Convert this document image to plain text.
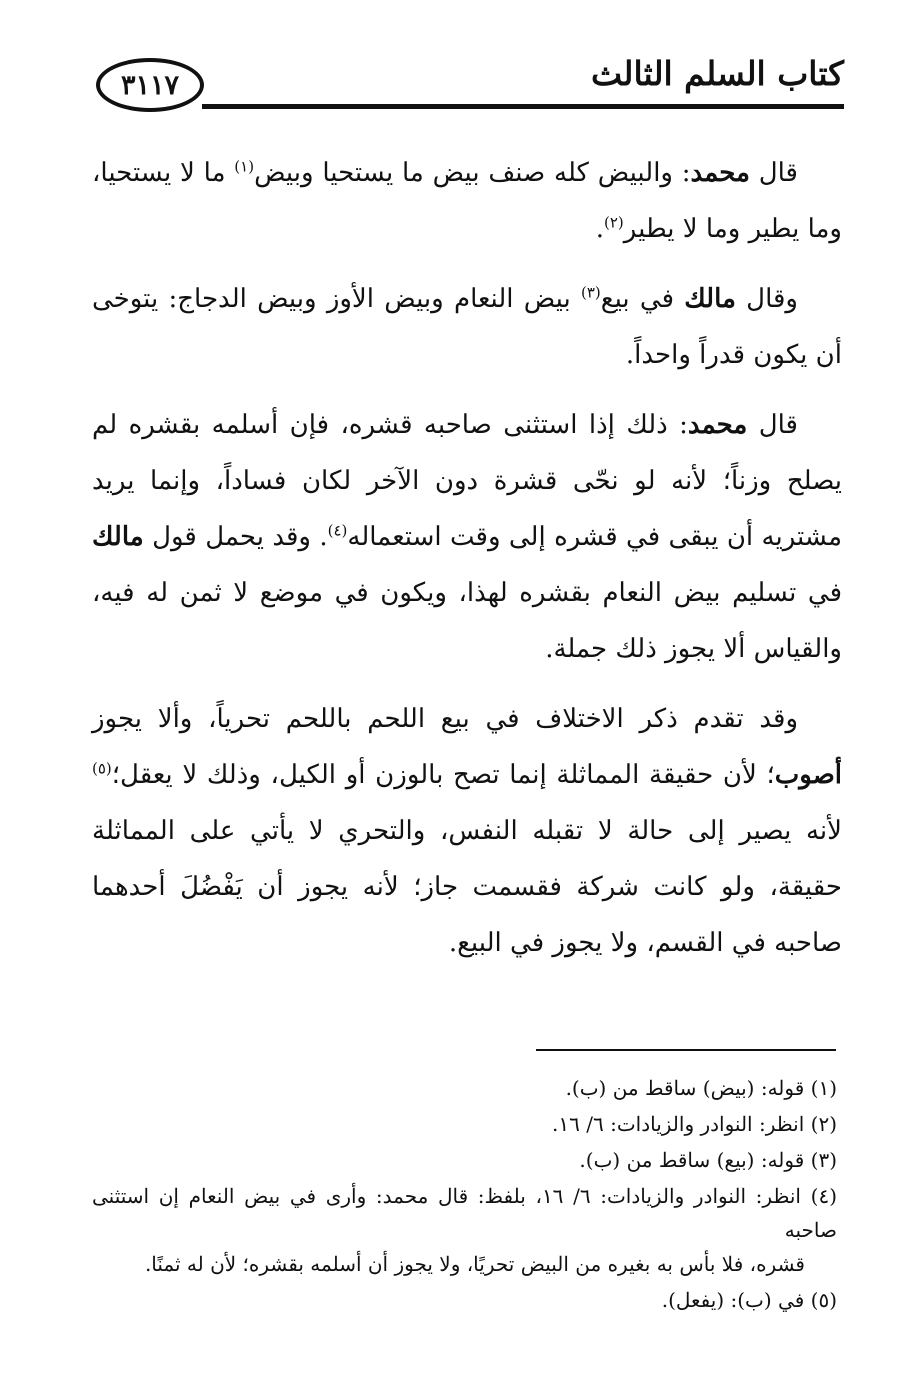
٣١١٧	كتاب السلم الثالث

قال محمد: والبيض كله صنف بيض ما يستحيا وبيض$^{(١)}$ ما لا يستحيا، وما يطير وما لا يطير$^{(٢)}$.

وقال مالك في بيع$^{(٣)}$ بيض النعام وبيض الأوز وبيض الدجاج: يتوخى أن يكون قدراً واحداً.

قال محمد: ذلك إذا استثنى صاحبه قشره، فإن أسلمه بقشره لم يصلح وزناً؛ لأنه لو نحّى قشرة دون الآخر لكان فساداً، وإنما يريد مشتريه أن يبقى في قشره إلى وقت استعماله$^{(٤)}$. وقد يحمل قول مالك في تسليم بيض النعام بقشره لهذا، ويكون في موضع لا ثمن له فيه، والقياس ألا يجوز ذلك جملة.

وقد تقدم ذكر الاختلاف في بيع اللحم باللحم تحرياً، وألا يجوز أصوب؛ لأن حقيقة المماثلة إنما تصح بالوزن أو الكيل، وذلك لا يعقل؛$^{(٥)}$ لأنه يصير إلى حالة لا تقبله النفس، والتحري لا يأتي على المماثلة حقيقة، ولو كانت شركة فقسمت جاز؛ لأنه يجوز أن يَفْضُلَ أحدهما صاحبه في القسم، ولا يجوز في البيع.

(١) قوله: (بيض) ساقط من (ب).
(٢) انظر: النوادر والزيادات: ٦/ ١٦.
(٣) قوله: (بيع) ساقط من (ب).
(٤) انظر: النوادر والزيادات: ٦/ ١٦، بلفظ: قال محمد: وأرى في بيض النعام إن استثنى صاحبه
قشره، فلا بأس به بغيره من البيض تحريًا، ولا يجوز أن أسلمه بقشره؛ لأن له ثمنًا.
(٥) في (ب): (يفعل).
